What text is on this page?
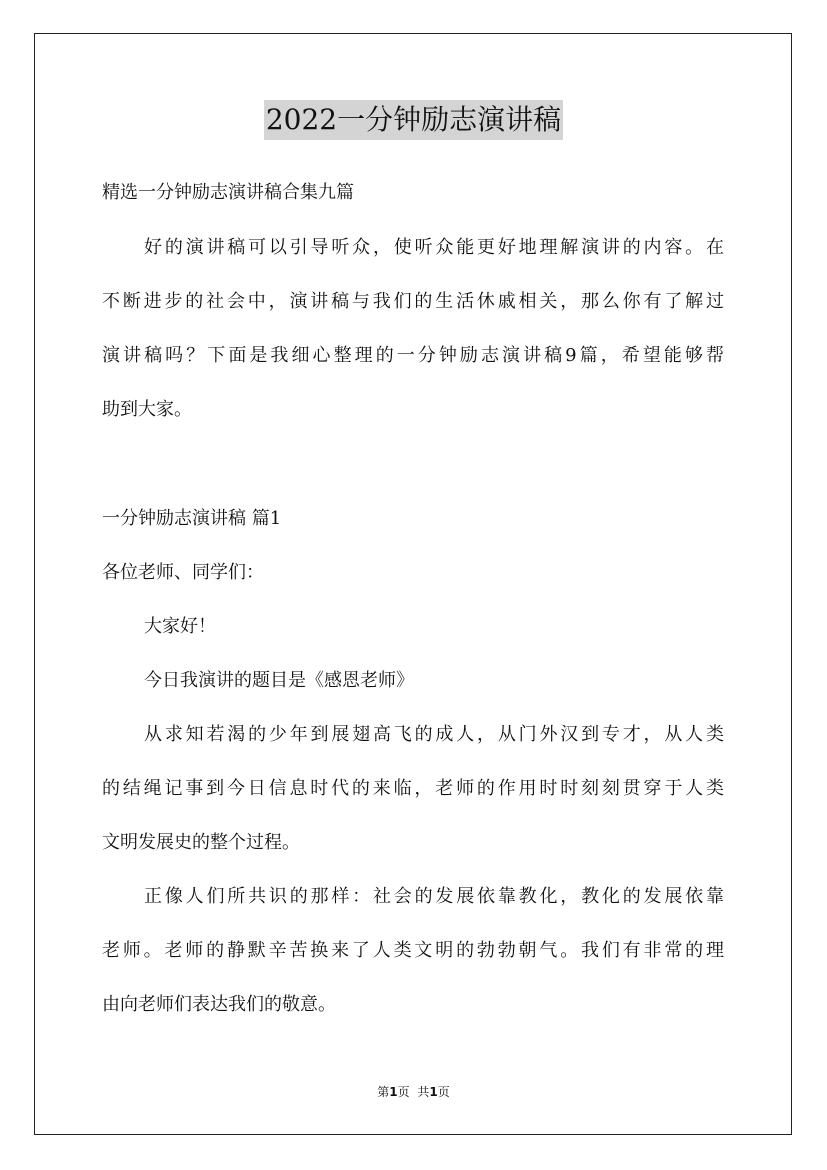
2022一分钟励志演讲稿
精选一分钟励志演讲稿合集九篇
好的演讲稿可以引导听众，使听众能更好地理解演讲的内容。在
不断进步的社会中，演讲稿与我们的生活休戚相关，那么你有了解过
演讲稿吗？下面是我细心整理的一分钟励志演讲稿9篇，希望能够帮
助到大家。
一分钟励志演讲稿 篇1
各位老师、同学们：
大家好！
今日我演讲的题目是《感恩老师》
从求知若渴的少年到展翅高飞的成人，从门外汉到专才，从人类
的结绳记事到今日信息时代的来临，老师的作用时时刻刻贯穿于人类
文明发展史的整个过程。
正像人们所共识的那样：社会的发展依靠教化，教化的发展依靠
老师。老师的静默辛苦换来了人类文明的勃勃朝气。我们有非常的理
由向老师们表达我们的敬意。
第1页 共1页
